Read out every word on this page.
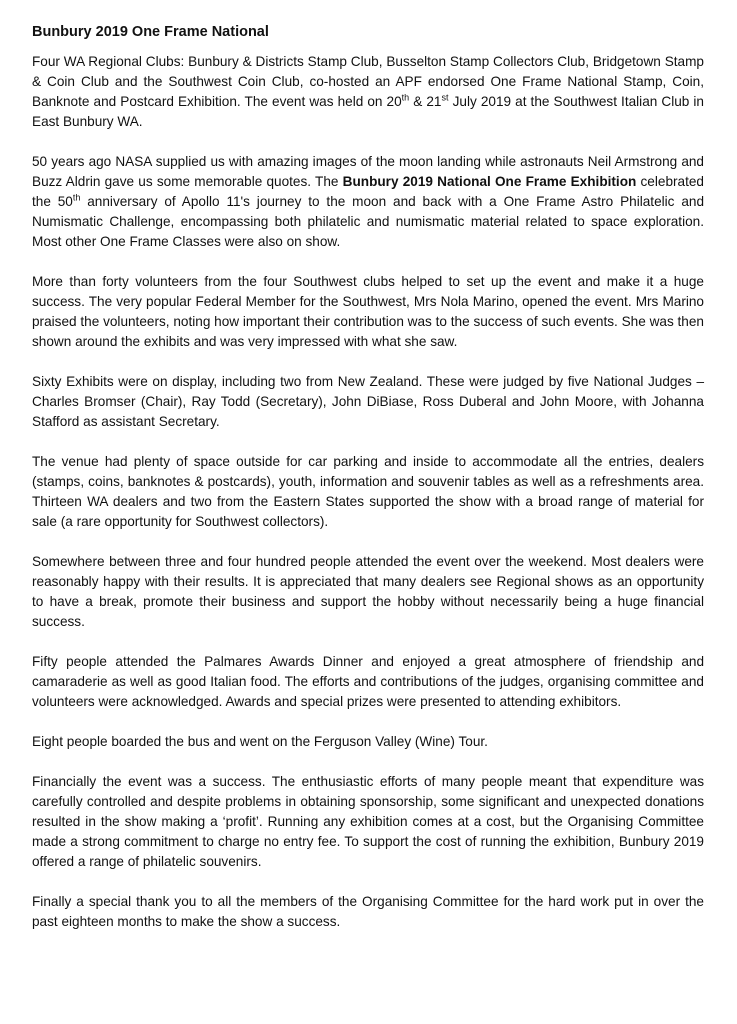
Bunbury 2019 One Frame National

Four WA Regional Clubs: Bunbury & Districts Stamp Club, Busselton Stamp Collectors Club, Bridgetown Stamp & Coin Club and the Southwest Coin Club, co-hosted an APF endorsed One Frame National Stamp, Coin, Banknote and Postcard Exhibition. The event was held on 20th & 21st July 2019 at the Southwest Italian Club in East Bunbury WA.

50 years ago NASA supplied us with amazing images of the moon landing while astronauts Neil Armstrong and Buzz Aldrin gave us some memorable quotes. The Bunbury 2019 National One Frame Exhibition celebrated the 50th anniversary of Apollo 11's journey to the moon and back with a One Frame Astro Philatelic and Numismatic Challenge, encompassing both philatelic and numismatic material related to space exploration. Most other One Frame Classes were also on show.

More than forty volunteers from the four Southwest clubs helped to set up the event and make it a huge success. The very popular Federal Member for the Southwest, Mrs Nola Marino, opened the event. Mrs Marino praised the volunteers, noting how important their contribution was to the success of such events. She was then shown around the exhibits and was very impressed with what she saw.

Sixty Exhibits were on display, including two from New Zealand. These were judged by five National Judges – Charles Bromser (Chair), Ray Todd (Secretary), John DiBiase, Ross Duberal and John Moore, with Johanna Stafford as assistant Secretary.

The venue had plenty of space outside for car parking and inside to accommodate all the entries, dealers (stamps, coins, banknotes & postcards), youth, information and souvenir tables as well as a refreshments area. Thirteen WA dealers and two from the Eastern States supported the show with a broad range of material for sale (a rare opportunity for Southwest collectors).

Somewhere between three and four hundred people attended the event over the weekend. Most dealers were reasonably happy with their results. It is appreciated that many dealers see Regional shows as an opportunity to have a break, promote their business and support the hobby without necessarily being a huge financial success.

Fifty people attended the Palmares Awards Dinner and enjoyed a great atmosphere of friendship and camaraderie as well as good Italian food. The efforts and contributions of the judges, organising committee and volunteers were acknowledged. Awards and special prizes were presented to attending exhibitors.

Eight people boarded the bus and went on the Ferguson Valley (Wine) Tour.

Financially the event was a success. The enthusiastic efforts of many people meant that expenditure was carefully controlled and despite problems in obtaining sponsorship, some significant and unexpected donations resulted in the show making a ‘profit’. Running any exhibition comes at a cost, but the Organising Committee made a strong commitment to charge no entry fee. To support the cost of running the exhibition, Bunbury 2019 offered a range of philatelic souvenirs.

Finally a special thank you to all the members of the Organising Committee for the hard work put in over the past eighteen months to make the show a success.
